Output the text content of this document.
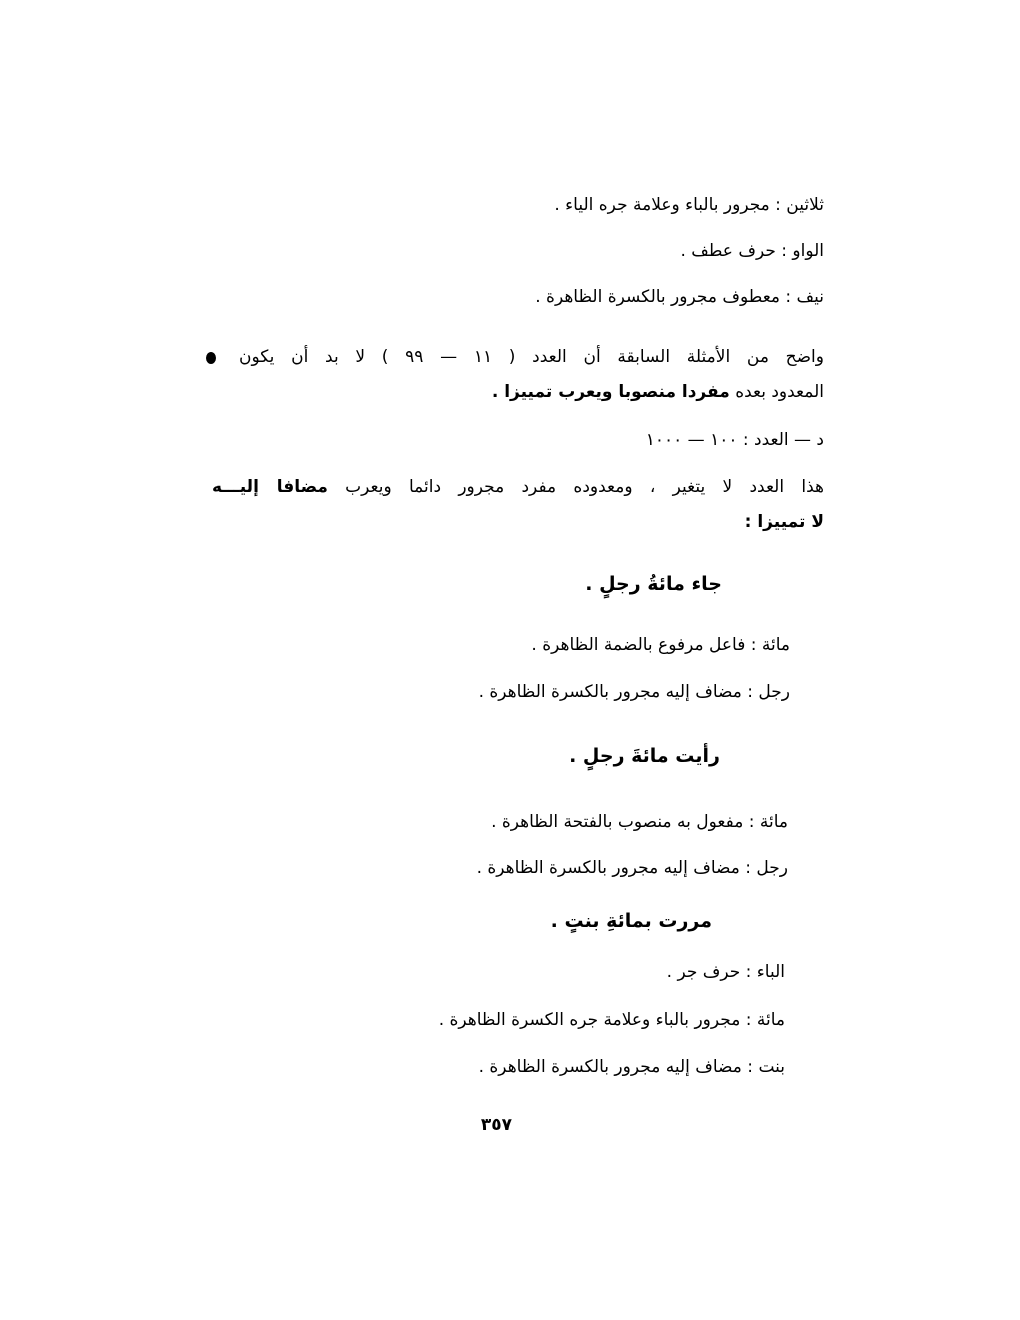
ثلاثين : مجرور بالباء وعلامة جره الياء .
الواو : حرف عطف .
نيف : معطوف مجرور بالكسرة الظاهرة .
واضح من الأمثلة السابقة أن العدد ( ١١ — ٩٩ ) لا بد أن يكون
المعدود بعده مفردا منصوبا ويعرب تمييزا .
د — العدد : ١٠٠ — ١٠٠٠
هذا العدد لا يتغير ، ومعدوده مفرد مجرور دائما ويعرب مضافا إليـــه
لا تمييزا :
جاء مائةُ رجلٍ .
مائة : فاعل مرفوع بالضمة الظاهرة .
رجل : مضاف إليه مجرور بالكسرة الظاهرة .
رأيت مائةَ رجلٍ .
مائة : مفعول به منصوب بالفتحة الظاهرة .
رجل : مضاف إليه مجرور بالكسرة الظاهرة .
مررت بمائةِ بنتٍ .
الباء : حرف جر .
مائة : مجرور بالباء وعلامة جره الكسرة الظاهرة .
بنت : مضاف إليه مجرور بالكسرة الظاهرة .
٣٥٧
